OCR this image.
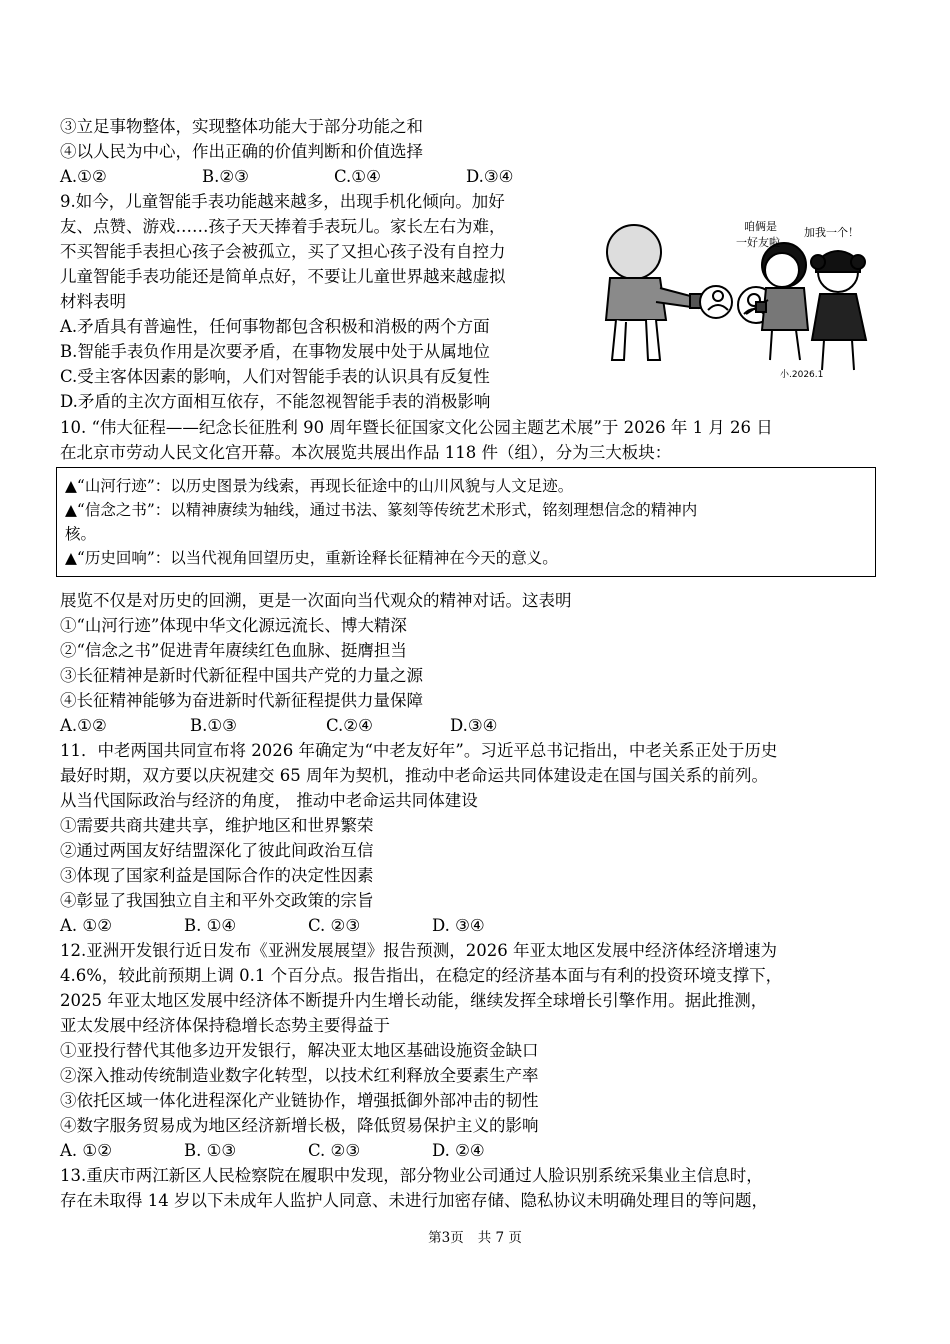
③立足事物整体，实现整体功能大于部分功能之和
④以人民为中心，作出正确的价值判断和价值选择
A.①②	B.②③	C.①④	D.③④
9.如今，儿童智能手表功能越来越多，出现手机化倾向。加好
友、点赞、游戏……孩子天天捧着手表玩儿。家长左右为难，
不买智能手表担心孩子会被孤立，买了又担心孩子没有自控力
儿童智能手表功能还是简单点好，不要让儿童世界越来越虚拟
材料表明
A.矛盾具有普遍性，任何事物都包含积极和消极的两个方面
B.智能手表负作用是次要矛盾，在事物发展中处于从属地位
C.受主客体因素的影响，人们对智能手表的认识具有反复性
D.矛盾的主次方面相互依存，不能忽视智能手表的消极影响
咱俩是
一好友啦
加我一个！
小.2026.1
10. “伟大征程——纪念长征胜利 90 周年暨长征国家文化公园主题艺术展”于 2026 年 1 月 26 日
在北京市劳动人民文化宫开幕。本次展览共展出作品 118 件（组），分为三大板块：
▲“山河行迹”：以历史图景为线索，再现长征途中的山川风貌与人文足迹。
▲“信念之书”：以精神赓续为轴线，通过书法、篆刻等传统艺术形式，铭刻理想信念的精神内
核。
▲“历史回响”：以当代视角回望历史，重新诠释长征精神在今天的意义。
展览不仅是对历史的回溯，更是一次面向当代观众的精神对话。这表明
①“山河行迹”体现中华文化源远流长、博大精深
②“信念之书”促进青年赓续红色血脉、挺膺担当
③长征精神是新时代新征程中国共产党的力量之源
④长征精神能够为奋进新时代新征程提供力量保障
A.①②	B.①③	C.②④	D.③④
11．中老两国共同宣布将 2026 年确定为“中老友好年”。习近平总书记指出，中老关系正处于历史
最好时期，双方要以庆祝建交 65 周年为契机，推动中老命运共同体建设走在国与国关系的前列。
从当代国际政治与经济的角度， 推动中老命运共同体建设
①需要共商共建共享，维护地区和世界繁荣
②通过两国友好结盟深化了彼此间政治互信
③体现了国家利益是国际合作的决定性因素
④彰显了我国独立自主和平外交政策的宗旨
A. ①②	B. ①④	C. ②③	D. ③④
12.亚洲开发银行近日发布《亚洲发展展望》报告预测，2026 年亚太地区发展中经济体经济增速为
4.6%，较此前预期上调 0.1 个百分点。报告指出，在稳定的经济基本面与有利的投资环境支撑下，
2025 年亚太地区发展中经济体不断提升内生增长动能，继续发挥全球增长引擎作用。据此推测，
亚太发展中经济体保持稳增长态势主要得益于
①亚投行替代其他多边开发银行，解决亚太地区基础设施资金缺口
②深入推动传统制造业数字化转型，以技术红利释放全要素生产率
③依托区域一体化进程深化产业链协作，增强抵御外部冲击的韧性
④数字服务贸易成为地区经济新增长极，降低贸易保护主义的影响
A. ①②	B. ①③	C. ②③	D. ②④
13.重庆市两江新区人民检察院在履职中发现，部分物业公司通过人脸识别系统采集业主信息时，
存在未取得 14 岁以下未成年人监护人同意、未进行加密存储、隐私协议未明确处理目的等问题，
第3页 共 7 页
